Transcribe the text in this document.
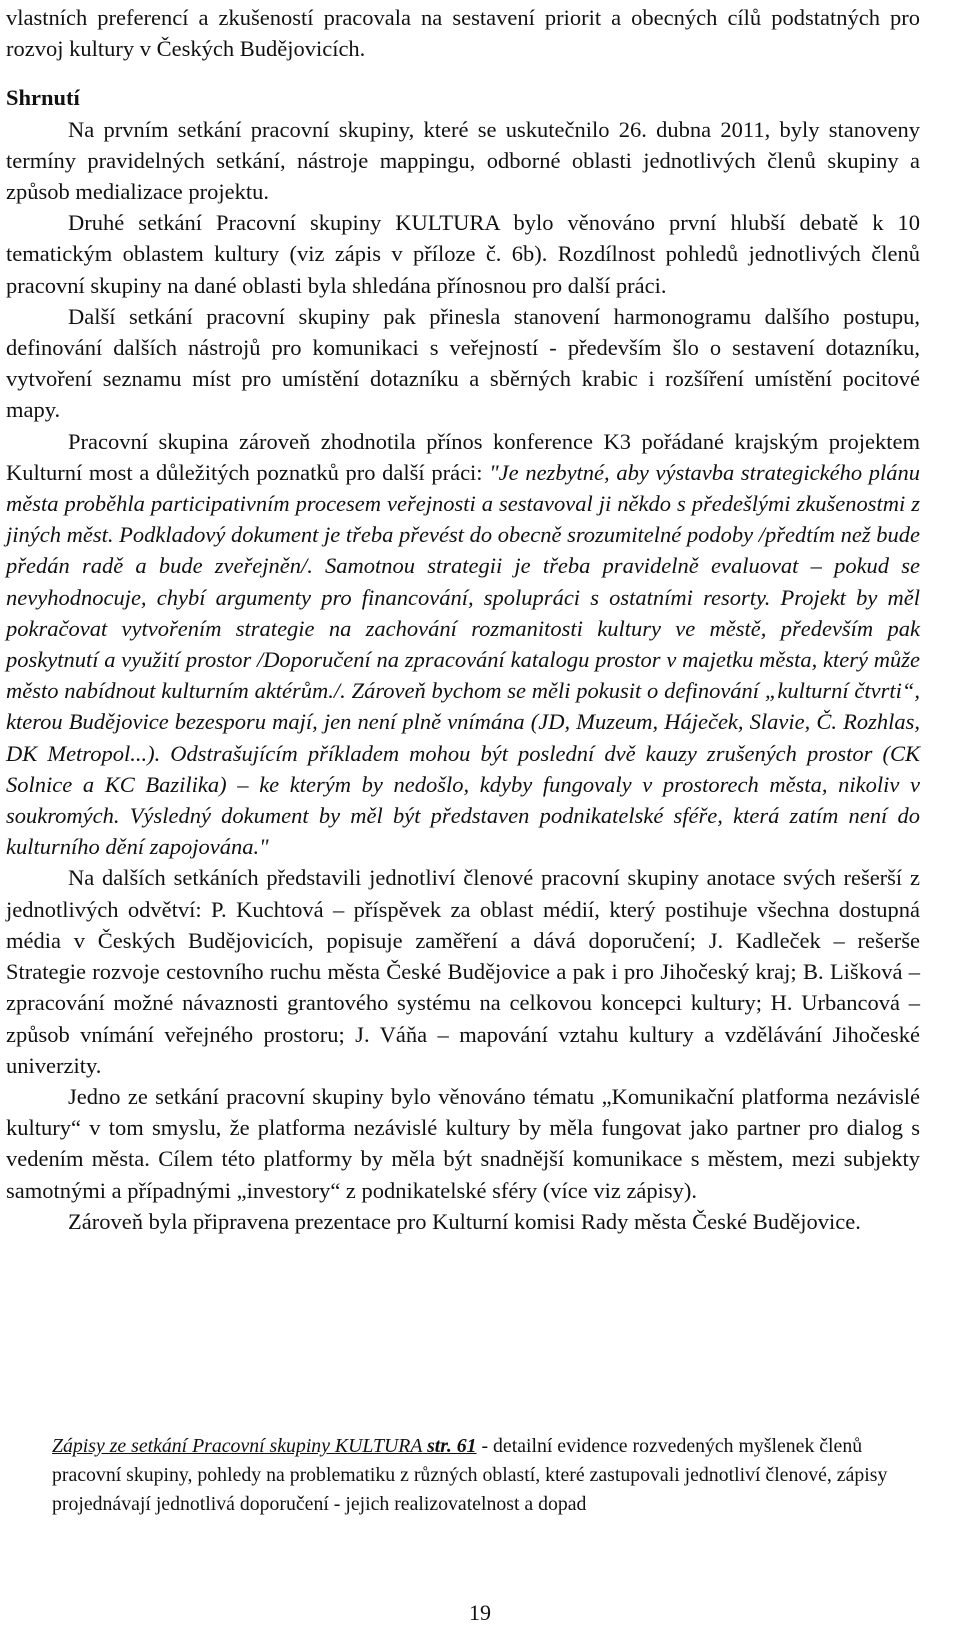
vlastních preferencí a zkušeností pracovala na sestavení priorit a obecných cílů podstatných pro rozvoj kultury v Českých Budějovicích.

Shrnutí

Na prvním setkání pracovní skupiny, které se uskutečnilo 26. dubna 2011, byly stanoveny termíny pravidelných setkání, nástroje mappingu, odborné oblasti jednotlivých členů skupiny a způsob medializace projektu.

Druhé setkání Pracovní skupiny KULTURA bylo věnováno první hlubší debatě k 10 tematickým oblastem kultury (viz zápis v příloze č. 6b). Rozdílnost pohledů jednotlivých členů pracovní skupiny na dané oblasti byla shledána přínosnou pro další práci.

Další setkání pracovní skupiny pak přinesla stanovení harmonogramu dalšího postupu, definování dalších nástrojů pro komunikaci s veřejností - především šlo o sestavení dotazníku, vytvoření seznamu míst pro umístění dotazníku a sběrných krabic i rozšíření umístění pocitové mapy.

Pracovní skupina zároveň zhodnotila přínos konference K3 pořádané krajským projektem Kulturní most a důležitých poznatků pro další práci: "Je nezbytné, aby výstavba strategického plánu města proběhla participativním procesem veřejnosti a sestavoval ji někdo s předešlými zkušenostmi z jiných měst. Podkladový dokument je třeba převést do obecně srozumitelné podoby /předtím než bude předán radě a bude zveřejněn/. Samotnou strategii je třeba pravidelně evaluovat – pokud se nevyhodnocuje, chybí argumenty pro financování, spolupráci s ostatními resorty. Projekt by měl pokračovat vytvořením strategie na zachování rozmanitosti kultury ve městě, především pak poskytnutí a využití prostor /Doporučení na zpracování katalogu prostor v majetku města, který může město nabídnout kulturním aktérům./. Zároveň bychom se měli pokusit o definování „kulturní čtvrti“, kterou Budějovice bezesporu mají, jen není plně vnímána (JD, Muzeum, Háječek, Slavie, Č. Rozhlas, DK Metropol...). Odstrašujícím příkladem mohou být poslední dvě kauzy zrušených prostor (CK Solnice a KC Bazilika) – ke kterým by nedošlo, kdyby fungovaly v prostorech města, nikoliv v soukromých. Výsledný dokument by měl být představen podnikatelské sféře, která zatím není do kulturního dění zapojována."

Na dalších setkáních představili jednotliví členové pracovní skupiny anotace svých rešerší z jednotlivých odvětví: P. Kuchtová – příspěvek za oblast médií, který postihuje všechna dostupná média v Českých Budějovicích, popisuje zaměření a dává doporučení; J. Kadleček – rešerše Strategie rozvoje cestovního ruchu města České Budějovice a pak i pro Jihočeský kraj; B. Lišková – zpracování možné návaznosti grantového systému na celkovou koncepci kultury; H. Urbancová – způsob vnímání veřejného prostoru; J. Váňa – mapování vztahu kultury a vzdělávání Jihočeské univerzity.

Jedno ze setkání pracovní skupiny bylo věnováno tématu „Komunikační platforma nezávislé kultury“ v tom smyslu, že platforma nezávislé kultury by měla fungovat jako partner pro dialog s vedením města. Cílem této platformy by měla být snadnější komunikace s městem, mezi subjekty samotnými a případnými „investory“ z podnikatelské sféry (více viz zápisy).

Zároveň byla připravena prezentace pro Kulturní komisi Rady města České Budějovice.

Zápisy ze setkání Pracovní skupiny KULTURA str. 61 - detailní evidence rozvedených myšlenek členů pracovní skupiny, pohledy na problematiku z různých oblastí, které zastupovali jednotliví členové, zápisy projednávají jednotlivá doporučení - jejich realizovatelnost a dopad

19
